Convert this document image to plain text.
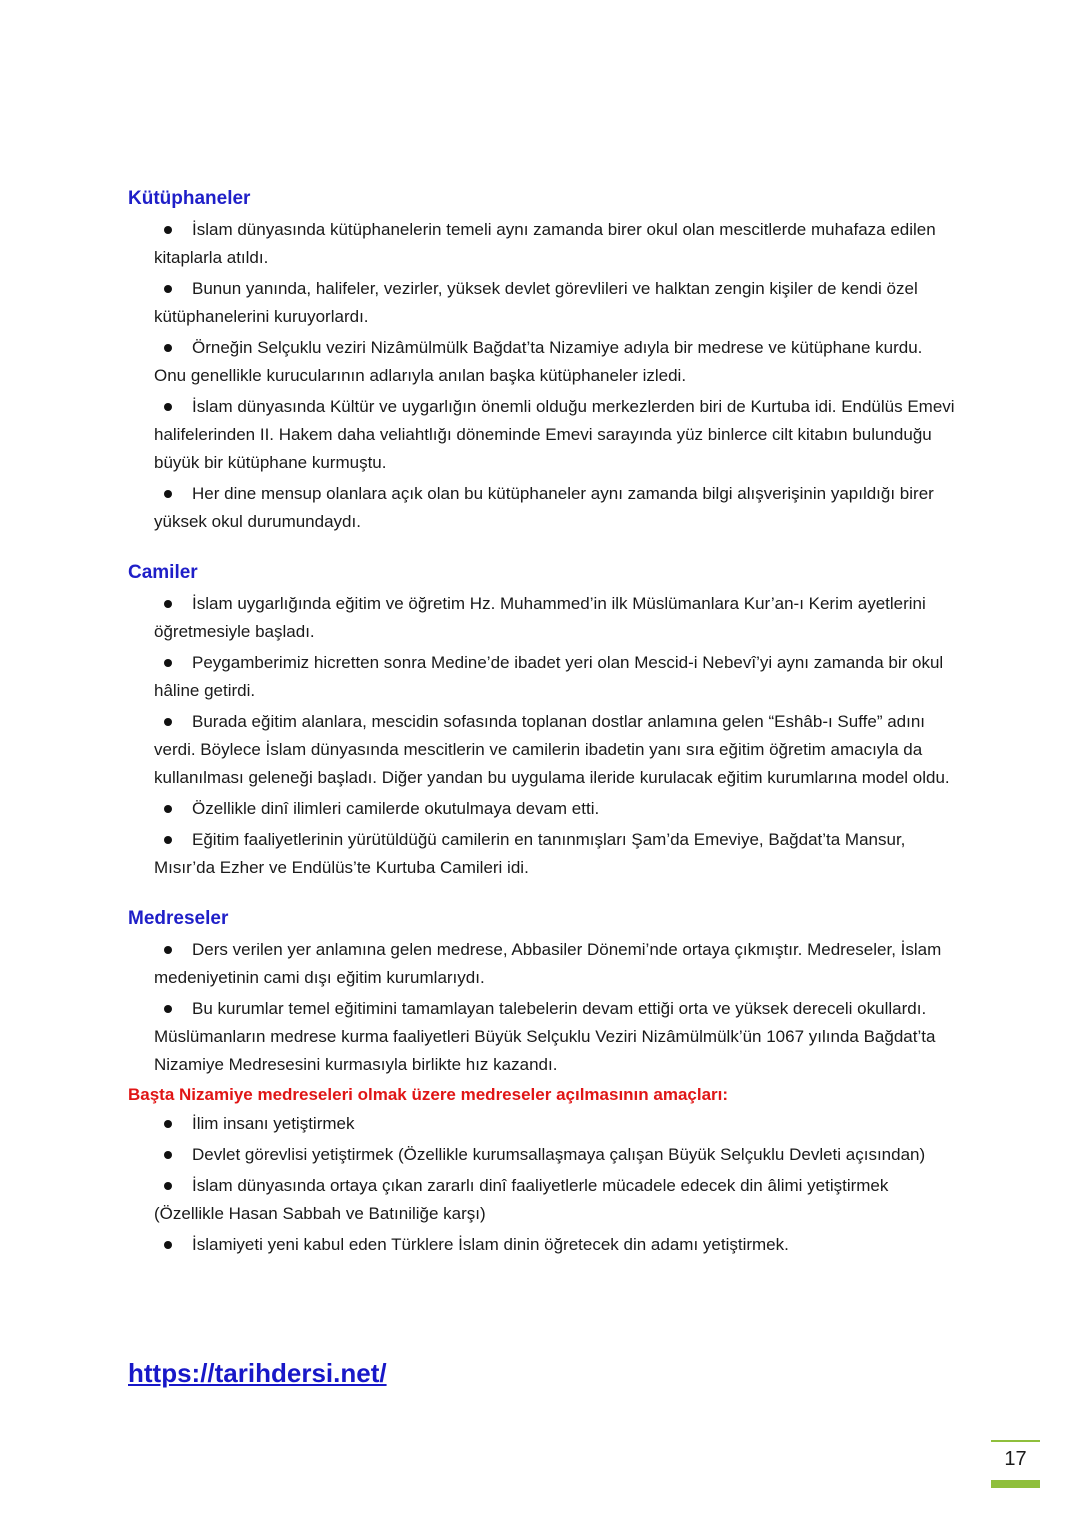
Kütüphaneler
İslam dünyasında kütüphanelerin temeli aynı zamanda birer okul olan mescitlerde muhafaza edilen kitaplarla atıldı.
Bunun yanında, halifeler, vezirler, yüksek devlet görevlileri ve halktan zengin kişiler de kendi özel kütüphanelerini kuruyorlardı.
Örneğin Selçuklu veziri Nizâmülmülk Bağdat’ta Nizamiye adıyla bir medrese ve kütüphane kurdu. Onu genellikle kurucularının adlarıyla anılan başka kütüphaneler izledi.
İslam dünyasında Kültür ve uygarlığın önemli olduğu merkezlerden biri de Kurtuba idi. Endülüs Emevi halifelerinden II. Hakem daha veliahtlığı döneminde Emevi sarayında yüz binlerce cilt kitabın bulunduğu büyük bir kütüphane kurmuştu.
Her dine mensup olanlara açık olan bu kütüphaneler aynı zamanda bilgi alışverişinin yapıldığı birer yüksek okul durumundaydı.
Camiler
İslam uygarlığında eğitim ve öğretim Hz. Muhammed’in ilk Müslümanlara Kur’an-ı Kerim ayetlerini öğretmesiyle başladı.
Peygamberimiz hicretten sonra Medine’de ibadet yeri olan Mescid-i Nebevî’yi aynı zamanda bir okul hâline getirdi.
Burada eğitim alanlara, mescidin sofasında toplanan dostlar anlamına gelen “Eshâb-ı Suffe” adını verdi. Böylece İslam dünyasında mescitlerin ve camilerin ibadetin yanı sıra eğitim öğretim amacıyla da kullanılması geleneği başladı. Diğer yandan bu uygulama ileride kurulacak eğitim kurumlarına model oldu.
Özellikle dinî ilimleri camilerde okutulmaya devam etti.
Eğitim faaliyetlerinin yürütüldüğü camilerin en tanınmışları Şam’da Emeviye, Bağdat’ta Mansur, Mısır’da Ezher ve Endülüs’te Kurtuba Camileri idi.
Medreseler
Ders verilen yer anlamına gelen medrese, Abbasiler Dönemi’nde ortaya çıkmıştır. Medreseler, İslam medeniyetinin cami dışı eğitim kurumlarıydı.
Bu kurumlar temel eğitimini tamamlayan talebelerin devam ettiği orta ve yüksek dereceli okullardı. Müslümanların medrese kurma faaliyetleri Büyük Selçuklu Veziri Nizâmülmülk’ün 1067 yılında Bağdat’ta Nizamiye Medresesini kurmasıyla birlikte hız kazandı.
Başta Nizamiye medreseleri olmak üzere medreseler açılmasının amaçları:
İlim insanı yetiştirmek
Devlet görevlisi yetiştirmek (Özellikle kurumsallaşmaya çalışan Büyük Selçuklu Devleti açısından)
İslam dünyasında ortaya çıkan zararlı dinî faaliyetlerle mücadele edecek din âlimi yetiştirmek (Özellikle Hasan Sabbah ve Batıniliğe karşı)
İslamiyeti yeni kabul eden Türklere İslam dinin öğretecek din adamı yetiştirmek.
https://tarihdersi.net/
17
